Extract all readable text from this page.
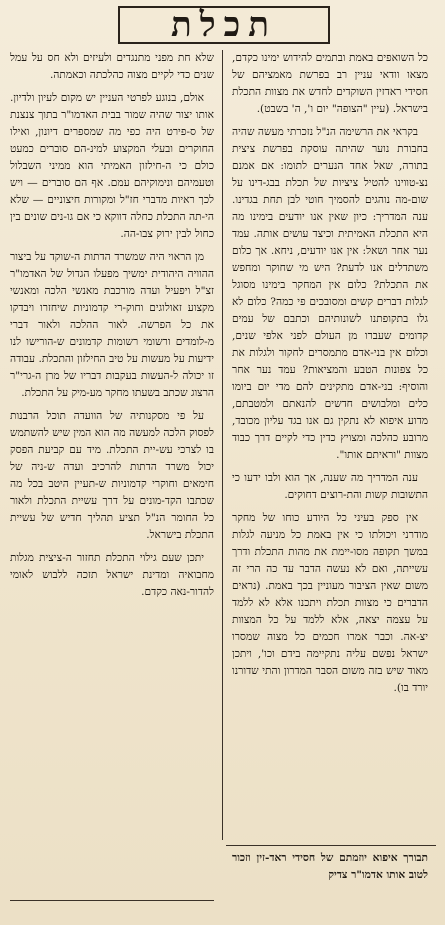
תכלת

כל השואפים באמת ובתמים להידוש ימינו כקדם, מצאו וודאי עניין רב בפרשת מאמציהם של חסידי ראדזין השוקדים לחדש את מצוות התכלת בישראל. (עיין "הצופה" יום ו', ה' בשבט).

בקראי את הרשימה הנ"ל נזכרתי מעשה שהיה בחבורת נוער שהיתה עוסקת בפרשת ציצית בתורה, שאל אחד הנערים לתומו: אם אמנם נצ-טווינו להטיל ציציות של תכלת בבג-דינו על שום-מה נוהגים להסמיך חוטי לבן תחת בגדינו. ענה המדריך: כיון שאין אנו יודעים בימינו מה היא התכלת האמיתית וכיצד עושים אותה. עמד נער אחר ושאל: אין אנו יודעים, ניחא. אך כלום משתדלים אנו לדעת? היש מי שחוקר ומחפש את התכלת? כלום אין המחקר בימינו מסוגל לגלות דברים קשים ומסובכים פי כמה? כלום לא גלו בתקופתנו לשונותיהם וכתבם של עמים קדומים שעברו מן העולם לפני אלפי שנים, וכלום אין בני-אדם מתמסרים לחקור ולגלות את כל צפונות הטבע והמציאות? עמד נער אחר והוסיף: בני-אדם מתקינים להם מדי יום ביומו כלים ומלבושים חדשים להנאתם ולמטבתם, מדוע איפוא לא נתקין גם אנו בגד עליון מכובד, מרובע כהלכה ומצויץ כדין כדי לקיים דרך כבוד מצוות "וראיתם אותו".

ענה המדריך מה שענה, אך הוא ולבו ידעו כי התשובות קשות והת-רוצים דחוקים.

אין ספק בעיני כל היודע כוחו של מחקר מודרני ויכולתו כי אין באמת כל מניעה לגלות במשך תקופה מסו-יימת את מהות התכלת ודרך עשייתה, ואם לא נעשה הדבר עד כה הרי זה משום שאין הציבור מעוניין בכך באמת. (נראים הדברים כי מצוות תכלת ויתכנו אלא לא ללמד על עצמה יצאה, אלא ללמד על כל המצוות יצ-אה. וכבר אמרו חכמים כל מצוה שמסרו ישראל נפשם עליה נתקיימה בידם וכו', ויתכן מאוד שיש בזה משום הסבר המדרון והתי שדורנו יורד בו).

שלא חת מפני מתנגדים ולעיזים ולא חס על עמל שנים כדי לקיים מצוה כהלכתה וכאמתה.

אולם, בנוגע לפרטי העניין יש מקום לעיון ולדיון. אותו יצור שהיה שמור בבית האדמו"ר בתוך צנצנת של ס-פירט היה כפי מה שמספרים דיונון, ואילו החוקרים ובעלי המקצוע למינ-הם סוברים כמעט כולם כי ה-חילזון האמיתי הוא ממיני השבלול וטעמיהם ונימוקיהם עמם. אף הם סוברים — ויש לכך ראיות מדברי חז"ל ומקורות חיצוניים — שלא הי-תה התכלת כחלה דווקא כי אם גו-נים שונים בין כחול לבין ירוק צבו-הה.

מן הראוי היה שמשרד הדתות ה-שוקד על ביצור ההוויה היהודית ימשיך מפעלו הגדול של האדמו"ר זצ"ל ויפעיל ועדה מורכבת מאנשי הלכה ומאנשי מקצוע זאולוגים וחוק-רי קדמוניות שיחזרו ויבדקו את כל הפרשה. לאור ההלכה ולאור דברי מ-לומדים ורשומי רשומות קדמונים ש-הורישו לנו ידיעות על מעשות על טיב החילזון והתכלת. עבודה זו יכולה ל-העשות בעקבות דבריו של מרן ה-גרי"ר הרצוג שכתב בשעתו מחקר מע-מיק על התכלת.

על פי מסקנותיה של הוועדה תוכל הרבנות לפסוק הלכה למעשה מה הוא המין שיש להשתמש בו לצרכי עש-יית התכלת. מיד עם קביעת הפסק יכול משרד הדתות להרכיב ועדה ש-ניה של חימאים וחוקרי קדמוניות ש-תעיין היטב בכל מה שכתבו הקד-מונים על דרך עשיית התכלת ולאור כל החומר הנ"ל תציע תהליך חדיש של עשיית התכלת בישראל.

יתכן שעם גילוי התכלת תחזור ה-ציצית מגלות מחבואיה ומדינת ישראל תזכה ללבוש לאומי להדור-נאה כקדם.

תבורך איפוא יוזמתם של חסידי ראד-זין וזכור לטוב אותו אדמו"ר צדיק
